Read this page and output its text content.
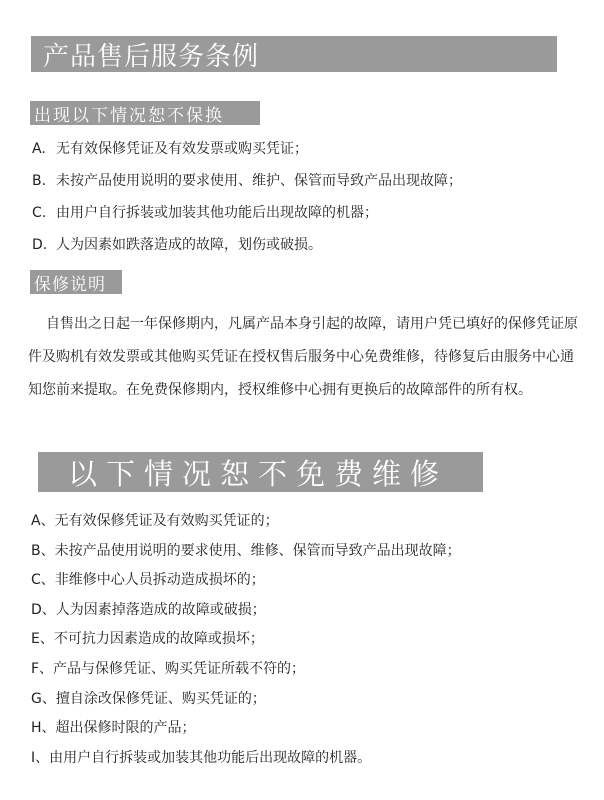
产品售后服务条例
出现以下情况恕不保换
A. 无有效保修凭证及有效发票或购买凭证；
B. 未按产品使用说明的要求使用、维护、保管而导致产品出现故障；
C. 由用户自行拆装或加装其他功能后出现故障的机器；
D. 人为因素如跌落造成的故障，划伤或破损。
保修说明

自售出之日起一年保修期内，凡属产品本身引起的故障，请用户凭已填好的保修凭证原件及购机有效发票或其他购买凭证在授权售后服务中心免费维修，待修复后由服务中心通知您前来提取。在免费保修期内，授权维修中心拥有更换后的故障部件的所有权。

以下情况恕不免费维修
A、无有效保修凭证及有效购买凭证的；
B、未按产品使用说明的要求使用、维修、保管而导致产品出现故障；
C、非维修中心人员拆动造成损坏的；
D、人为因素掉落造成的故障或破损；
E、不可抗力因素造成的故障或损坏；
F、产品与保修凭证、购买凭证所载不符的；
G、擅自涂改保修凭证、购买凭证的；
H、超出保修时限的产品；
I、由用户自行拆装或加装其他功能后出现故障的机器。
